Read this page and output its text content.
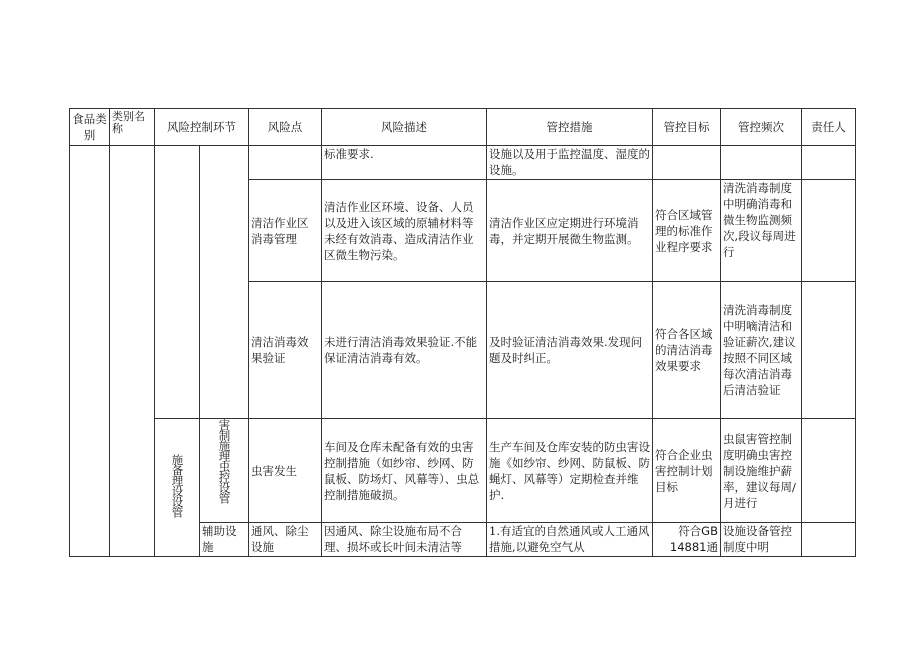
食品类别	类别名称	风险控制环节		风险点	风险描述	管控措施	管控目标	管控频次	责任人
					标准要求.	设施以及用于监控温度、湿度的设施。			
				清洁作业区消毒管理	清洁作业区环境、设备、人员以及进入该区域的原辅材料等未经有效消毒、造成清洁作业区微生物污染。	清洁作业区应定期进行环境消毒，并定期开展微生物监测。	符合区域管理的标准作业程序要求	清洗消毒制度中明确消毒和微生物监测频次,段议每周进行	
				清洁消毒效果验证	未进行清洁消毒效果验证.不能保证清洁消毒有效。	及时验证清洁消毒效果.发现问题及时纠正。	符合各区域的清洁消毒效果要求	清洗消毒制度中明嘀清洁和验证薪次,建议按照不同区域每次清洁消毒后清洁验证	
		施备理设设管	害制施理虫控设管	虫害发生	车间及仓库未配备有效的虫害控制措施（如纱帘、纱网、防鼠板、防场灯、风幕等）、虫总控制措施破损。	生产车间及仓库安装的防虫害设施《如纱帘、纱网、防鼠板、防蝇灯、风幕等）定期检查并维护.	符合企业虫害控制计划目标	虫鼠害管控制度明确虫害控制设施维护薪率，建议每周/月进行	
			辅助设施	通风、除尘设施	因通风、除尘设施布局不合理、损坏或长叶间未清洁等	1.有适宜的自然通风或人工通风措施,以避免空气从	符合GB 14881通	设施设备管控制度中明	
